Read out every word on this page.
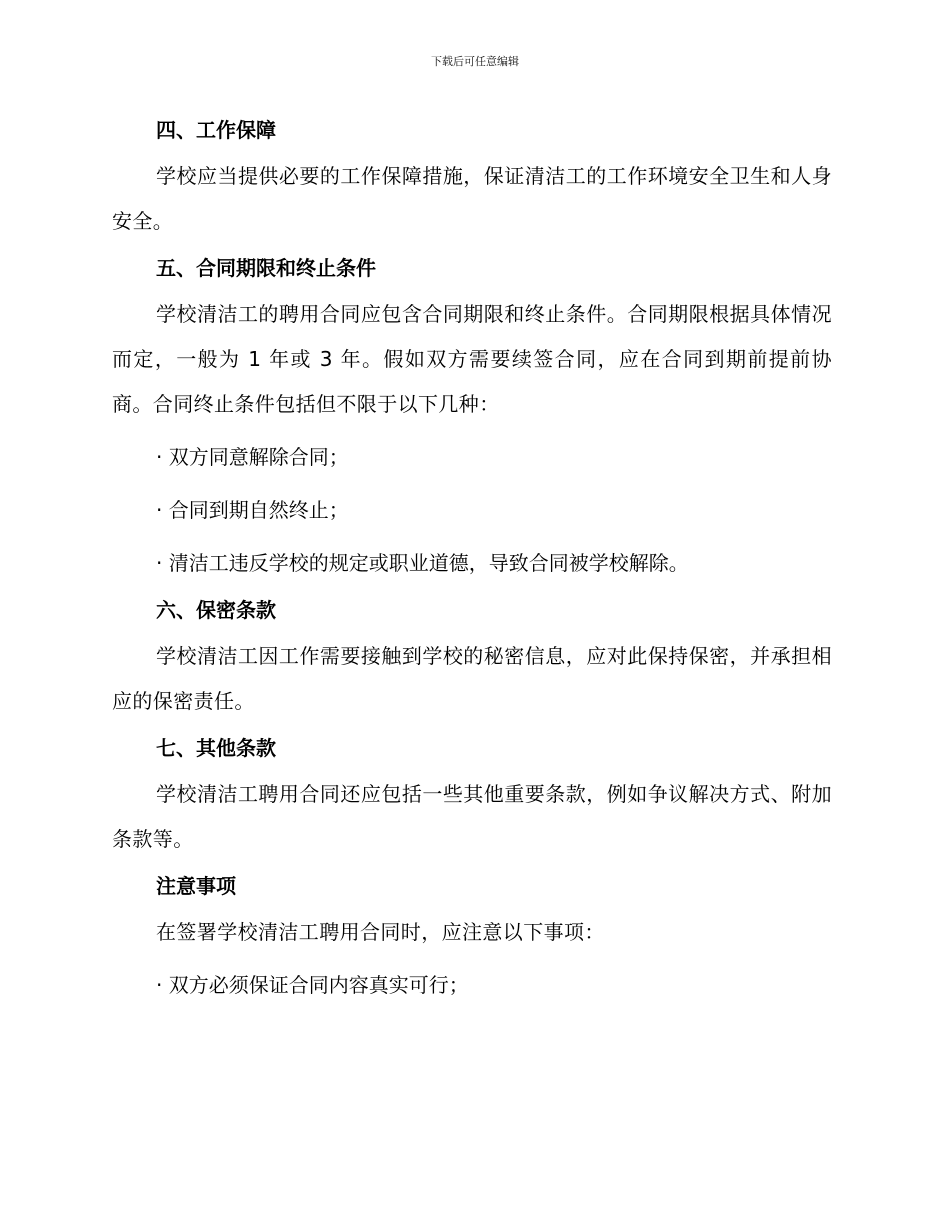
下载后可任意编辑
四、工作保障
学校应当提供必要的工作保障措施，保证清洁工的工作环境安全卫生和人身安全。
五、合同期限和终止条件
学校清洁工的聘用合同应包含合同期限和终止条件。合同期限根据具体情况而定，一般为 1 年或 3 年。假如双方需要续签合同，应在合同到期前提前协商。合同终止条件包括但不限于以下几种：
· 双方同意解除合同；
· 合同到期自然终止；
· 清洁工违反学校的规定或职业道德，导致合同被学校解除。
六、保密条款
学校清洁工因工作需要接触到学校的秘密信息，应对此保持保密，并承担相应的保密责任。
七、其他条款
学校清洁工聘用合同还应包括一些其他重要条款，例如争议解决方式、附加条款等。
注意事项
在签署学校清洁工聘用合同时，应注意以下事项：
· 双方必须保证合同内容真实可行；
